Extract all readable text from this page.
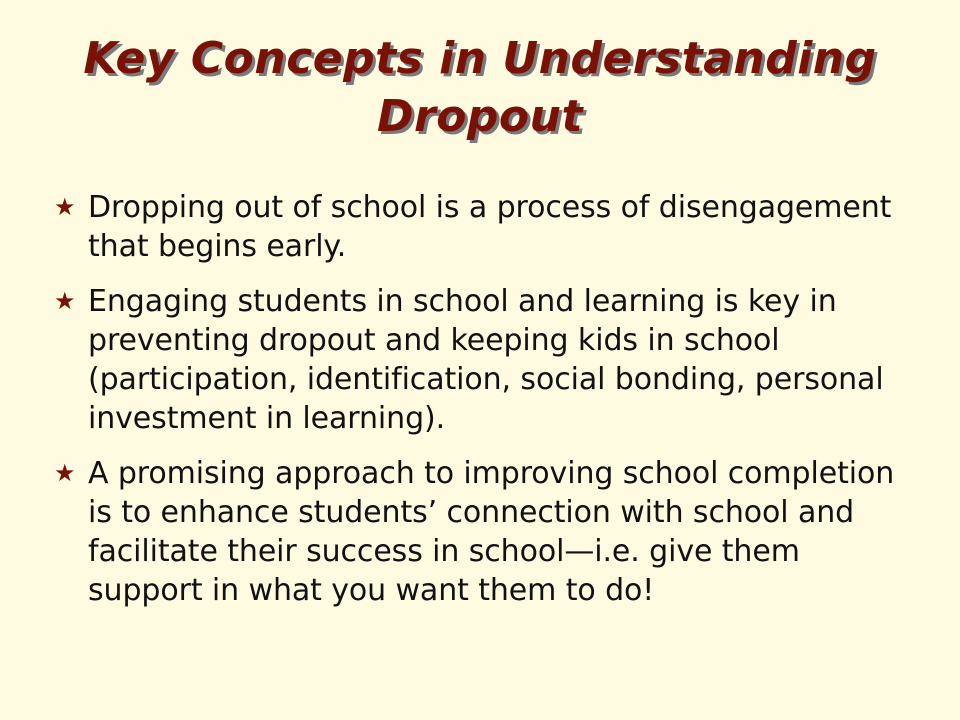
Key Concepts in Understanding
Dropout
★ Dropping out of school is a process of disengagement that begins early.
★ Engaging students in school and learning is key in preventing dropout and keeping kids in school (participation, identification, social bonding, personal investment in learning).
★ A promising approach to improving school completion is to enhance students’ connection with school and facilitate their success in school—i.e. give them support in what you want them to do!
